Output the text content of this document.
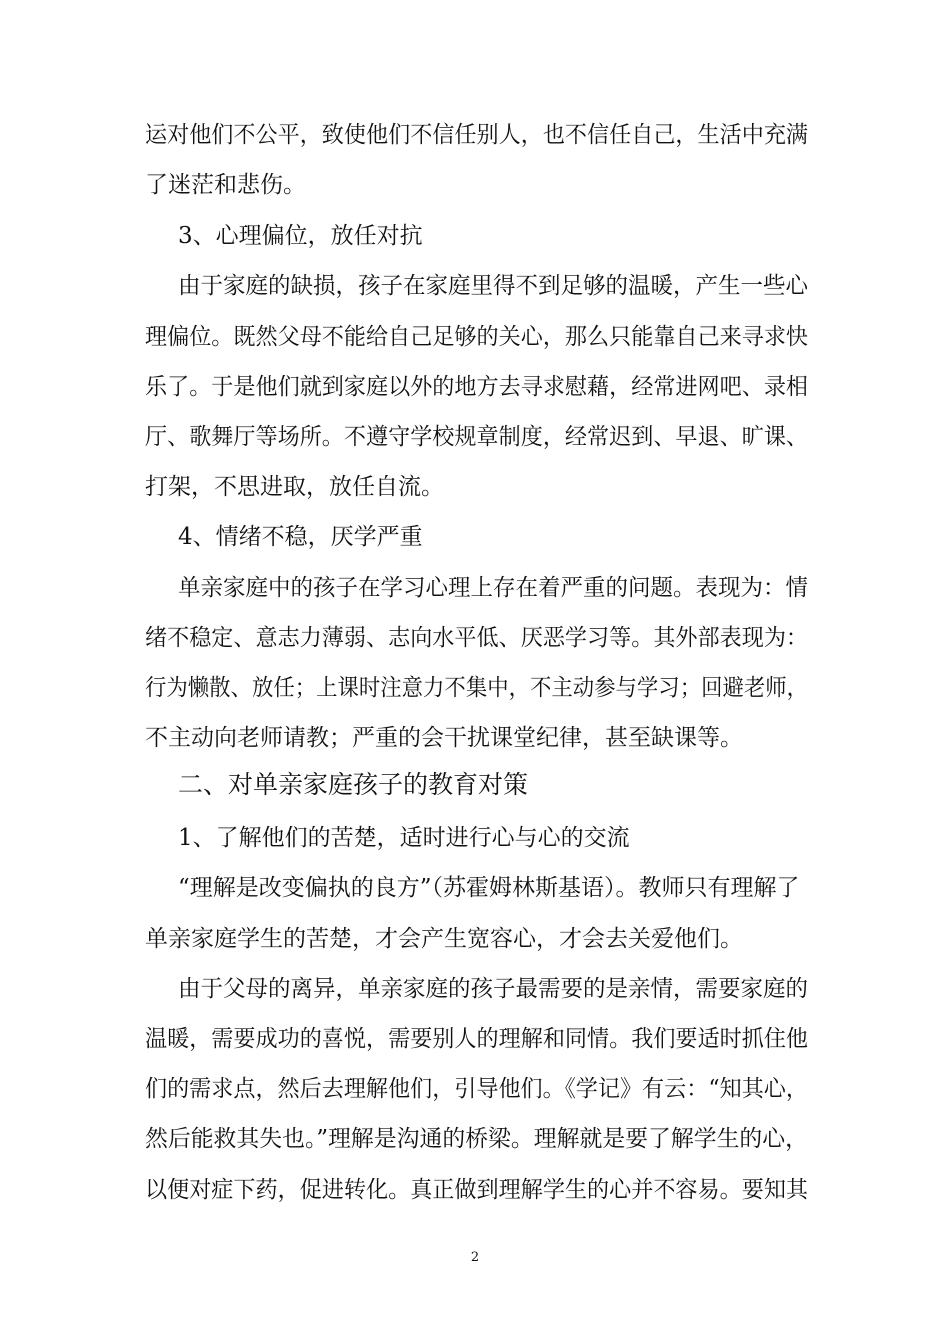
运对他们不公平，致使他们不信任别人，也不信任自己，生活中充满
了迷茫和悲伤。
3、心理偏位，放任对抗
由于家庭的缺损，孩子在家庭里得不到足够的温暖，产生一些心
理偏位。既然父母不能给自己足够的关心，那么只能靠自己来寻求快
乐了。于是他们就到家庭以外的地方去寻求慰藉，经常进网吧、录相
厅、歌舞厅等场所。不遵守学校规章制度，经常迟到、早退、旷课、
打架，不思进取，放任自流。
4、情绪不稳，厌学严重
单亲家庭中的孩子在学习心理上存在着严重的问题。表现为：情
绪不稳定、意志力薄弱、志向水平低、厌恶学习等。其外部表现为：
行为懒散、放任；上课时注意力不集中，不主动参与学习；回避老师，
不主动向老师请教；严重的会干扰课堂纪律，甚至缺课等。
二、对单亲家庭孩子的教育对策
1、了解他们的苦楚，适时进行心与心的交流
“理解是改变偏执的良方”（苏霍姆林斯基语）。教师只有理解了
单亲家庭学生的苦楚，才会产生宽容心，才会去关爱他们。
由于父母的离异，单亲家庭的孩子最需要的是亲情，需要家庭的
温暖，需要成功的喜悦，需要别人的理解和同情。我们要适时抓住他
们的需求点，然后去理解他们，引导他们。《学记》有云：“知其心，
然后能救其失也。”理解是沟通的桥梁。理解就是要了解学生的心，
以便对症下药，促进转化。真正做到理解学生的心并不容易。要知其
2
